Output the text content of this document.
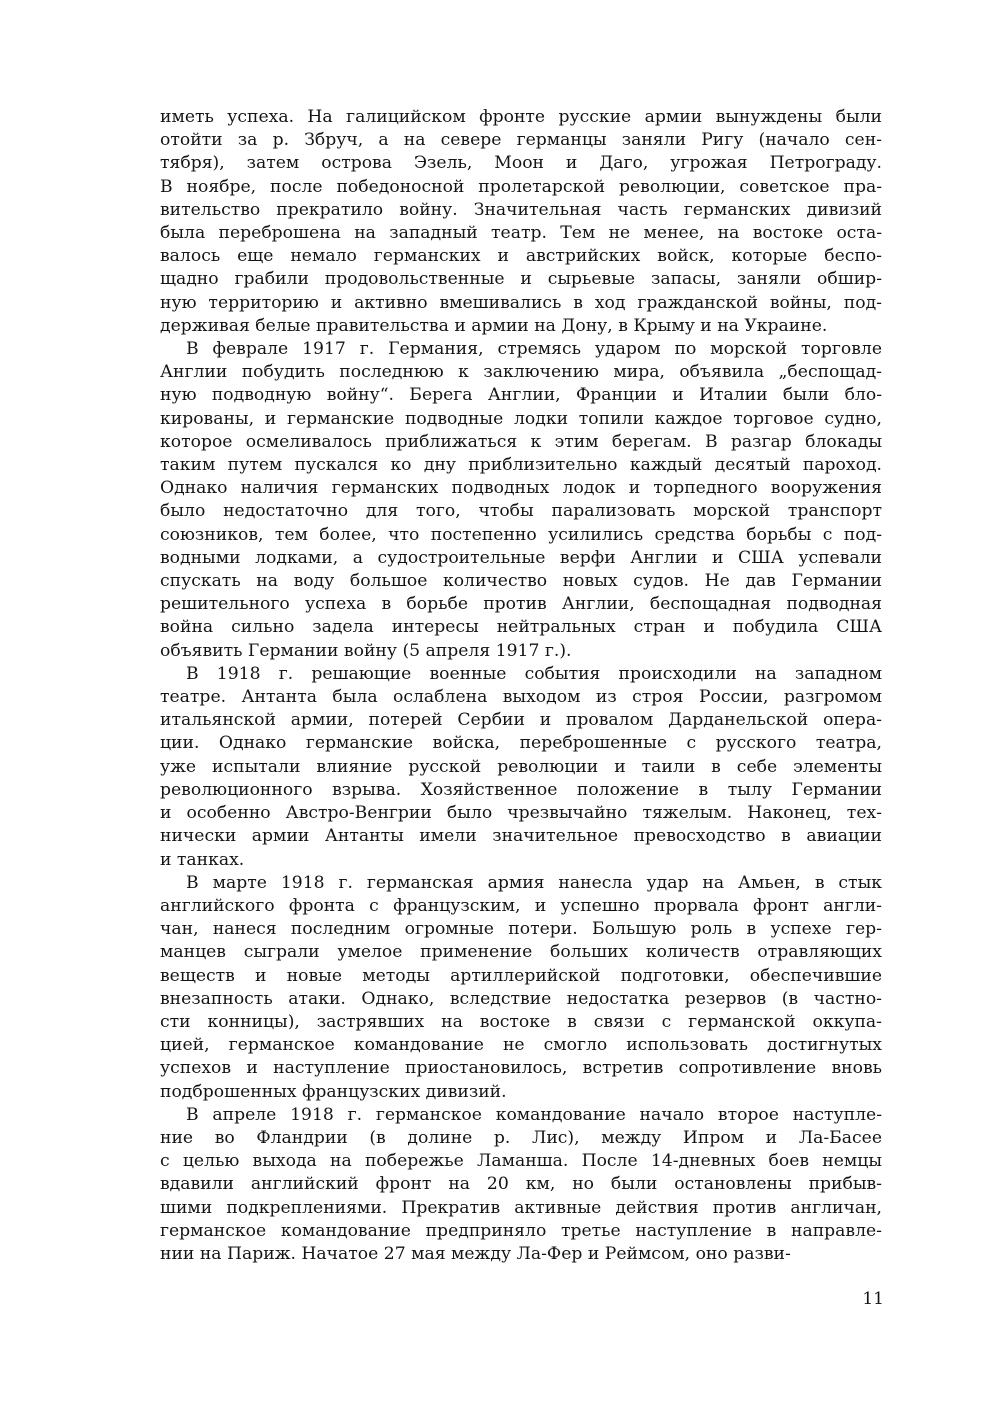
иметь успеха. На галицийском фронте русские армии вынуждены были
отойти за р. Збруч, а на севере германцы заняли Ригу (начало сен-
тября), затем острова Эзель, Моон и Даго, угрожая Петрограду.
В ноябре, после победоносной пролетарской революции, советское пра-
вительство прекратило войну. Значительная часть германских дивизий
была переброшена на западный театр. Тем не менее, на востоке оста-
валось еще немало германских и австрийских войск, которые беспо-
щадно грабили продовольственные и сырьевые запасы, заняли обшир-
ную территорию и активно вмешивались в ход гражданской войны, под-
держивая белые правительства и армии на Дону, в Крыму и на Украине.
В феврале 1917 г. Германия, стремясь ударом по морской торговле
Англии побудить последнюю к заключению мира, объявила „беспощад-
ную подводную войну“. Берега Англии, Франции и Италии были бло-
кированы, и германские подводные лодки топили каждое торговое судно,
которое осмеливалось приближаться к этим берегам. В разгар блокады
таким путем пускался ко дну приблизительно каждый десятый пароход.
Однако наличия германских подводных лодок и торпедного вооружения
было недостаточно для того, чтобы парализовать морской транспорт
союзников, тем более, что постепенно усилились средства борьбы с под-
водными лодками, а судостроительные верфи Англии и США успевали
спускать на воду большое количество новых судов. Не дав Германии
решительного успеха в борьбе против Англии, беспощадная подводная
война сильно задела интересы нейтральных стран и побудила США
объявить Германии войну (5 апреля 1917 г.).
В 1918 г. решающие военные события происходили на западном
театре. Антанта была ослаблена выходом из строя России, разгромом
итальянской армии, потерей Сербии и провалом Дарданельской опера-
ции. Однако германские войска, переброшенные с русского театра,
уже испытали влияние русской революции и таили в себе элементы
революционного взрыва. Хозяйственное положение в тылу Германии
и особенно Австро-Венгрии было чрезвычайно тяжелым. Наконец, тех-
нически армии Антанты имели значительное превосходство в авиации
и танках.
В марте 1918 г. германская армия нанесла удар на Амьен, в стык
английского фронта с французским, и успешно прорвала фронт англи-
чан, нанеся последним огромные потери. Большую роль в успехе гер-
манцев сыграли умелое применение больших количеств отравляющих
веществ и новые методы артиллерийской подготовки, обеспечившие
внезапность атаки. Однако, вследствие недостатка резервов (в частно-
сти конницы), застрявших на востоке в связи с германской оккупа-
цией, германское командование не смогло использовать достигнутых
успехов и наступление приостановилось, встретив сопротивление вновь
подброшенных французских дивизий.
В апреле 1918 г. германское командование начало второе наступле-
ние во Фландрии (в долине р. Лис), между Ипром и Ла-Басее
с целью выхода на побережье Ламанша. После 14-дневных боев немцы
вдавили английский фронт на 20 км, но были остановлены прибыв-
шими подкреплениями. Прекратив активные действия против англичан,
германское командование предприняло третье наступление в направле-
нии на Париж. Начатое 27 мая между Ла-Фер и Реймсом, оно разви-
11
